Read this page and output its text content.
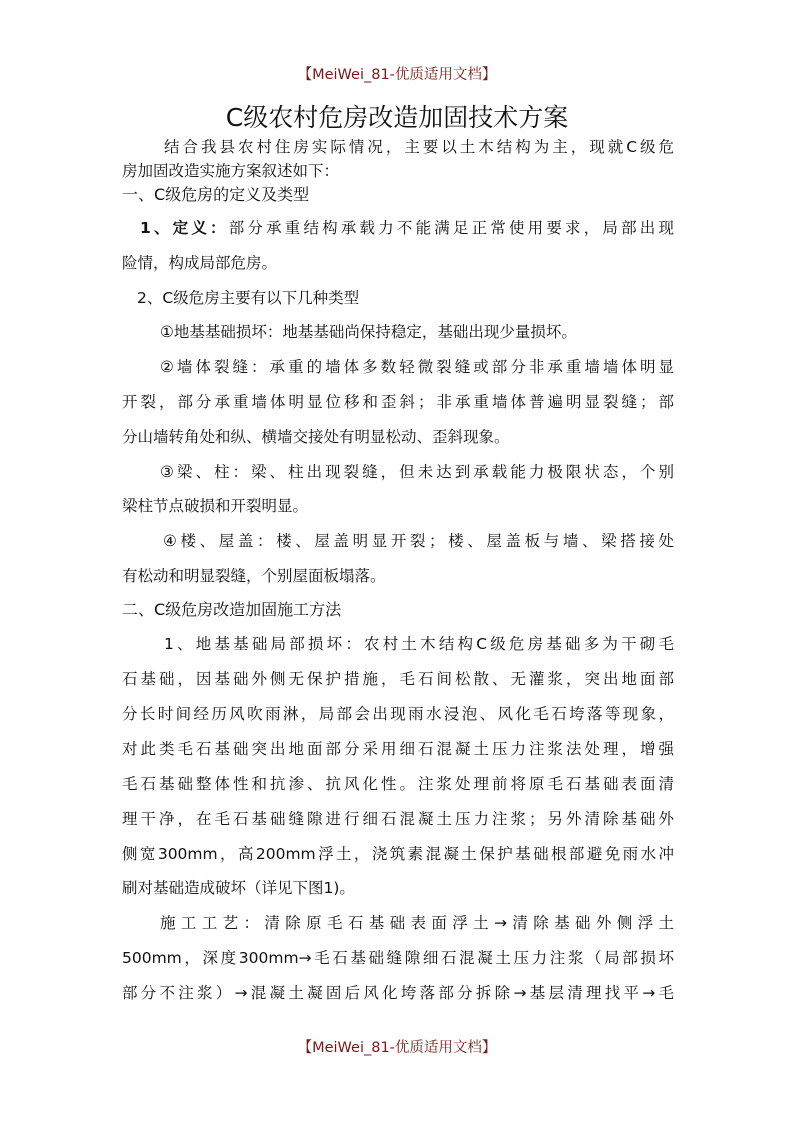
【MeiWei_81-优质适用文档】
C级农村危房改造加固技术方案
结合我县农村住房实际情况，主要以土木结构为主，现就C级危
房加固改造实施方案叙述如下：
一、C级危房的定义及类型
1、定义：部分承重结构承载力不能满足正常使用要求，局部出现
险情，构成局部危房。
2、C级危房主要有以下几种类型
①地基基础损坏：地基基础尚保持稳定，基础出现少量损坏。
②墙体裂缝：承重的墙体多数轻微裂缝或部分非承重墙墙体明显
开裂，部分承重墙体明显位移和歪斜；非承重墙体普遍明显裂缝；部
分山墙转角处和纵、横墙交接处有明显松动、歪斜现象。
③梁、柱：梁、柱出现裂缝，但未达到承载能力极限状态，个别
梁柱节点破损和开裂明显。
④楼、屋盖：楼、屋盖明显开裂；楼、屋盖板与墙、梁搭接处
有松动和明显裂缝，个别屋面板塌落。
二、C级危房改造加固施工方法
1、地基基础局部损坏：农村土木结构C级危房基础多为干砌毛
石基础，因基础外侧无保护措施，毛石间松散、无灌浆，突出地面部
分长时间经历风吹雨淋，局部会出现雨水浸泡、风化毛石垮落等现象，
对此类毛石基础突出地面部分采用细石混凝土压力注浆法处理，增强
毛石基础整体性和抗渗、抗风化性。注浆处理前将原毛石基础表面清
理干净，在毛石基础缝隙进行细石混凝土压力注浆；另外清除基础外
侧宽300mm，高200mm浮土，浇筑素混凝土保护基础根部避免雨水冲
刷对基础造成破坏（详见下图1)。
施工工艺：清除原毛石基础表面浮土→清除基础外侧浮土
500mm，深度300mm→毛石基础缝隙细石混凝土压力注浆（局部损坏
部分不注浆）→混凝土凝固后风化垮落部分拆除→基层清理找平→毛
【MeiWei_81-优质适用文档】
